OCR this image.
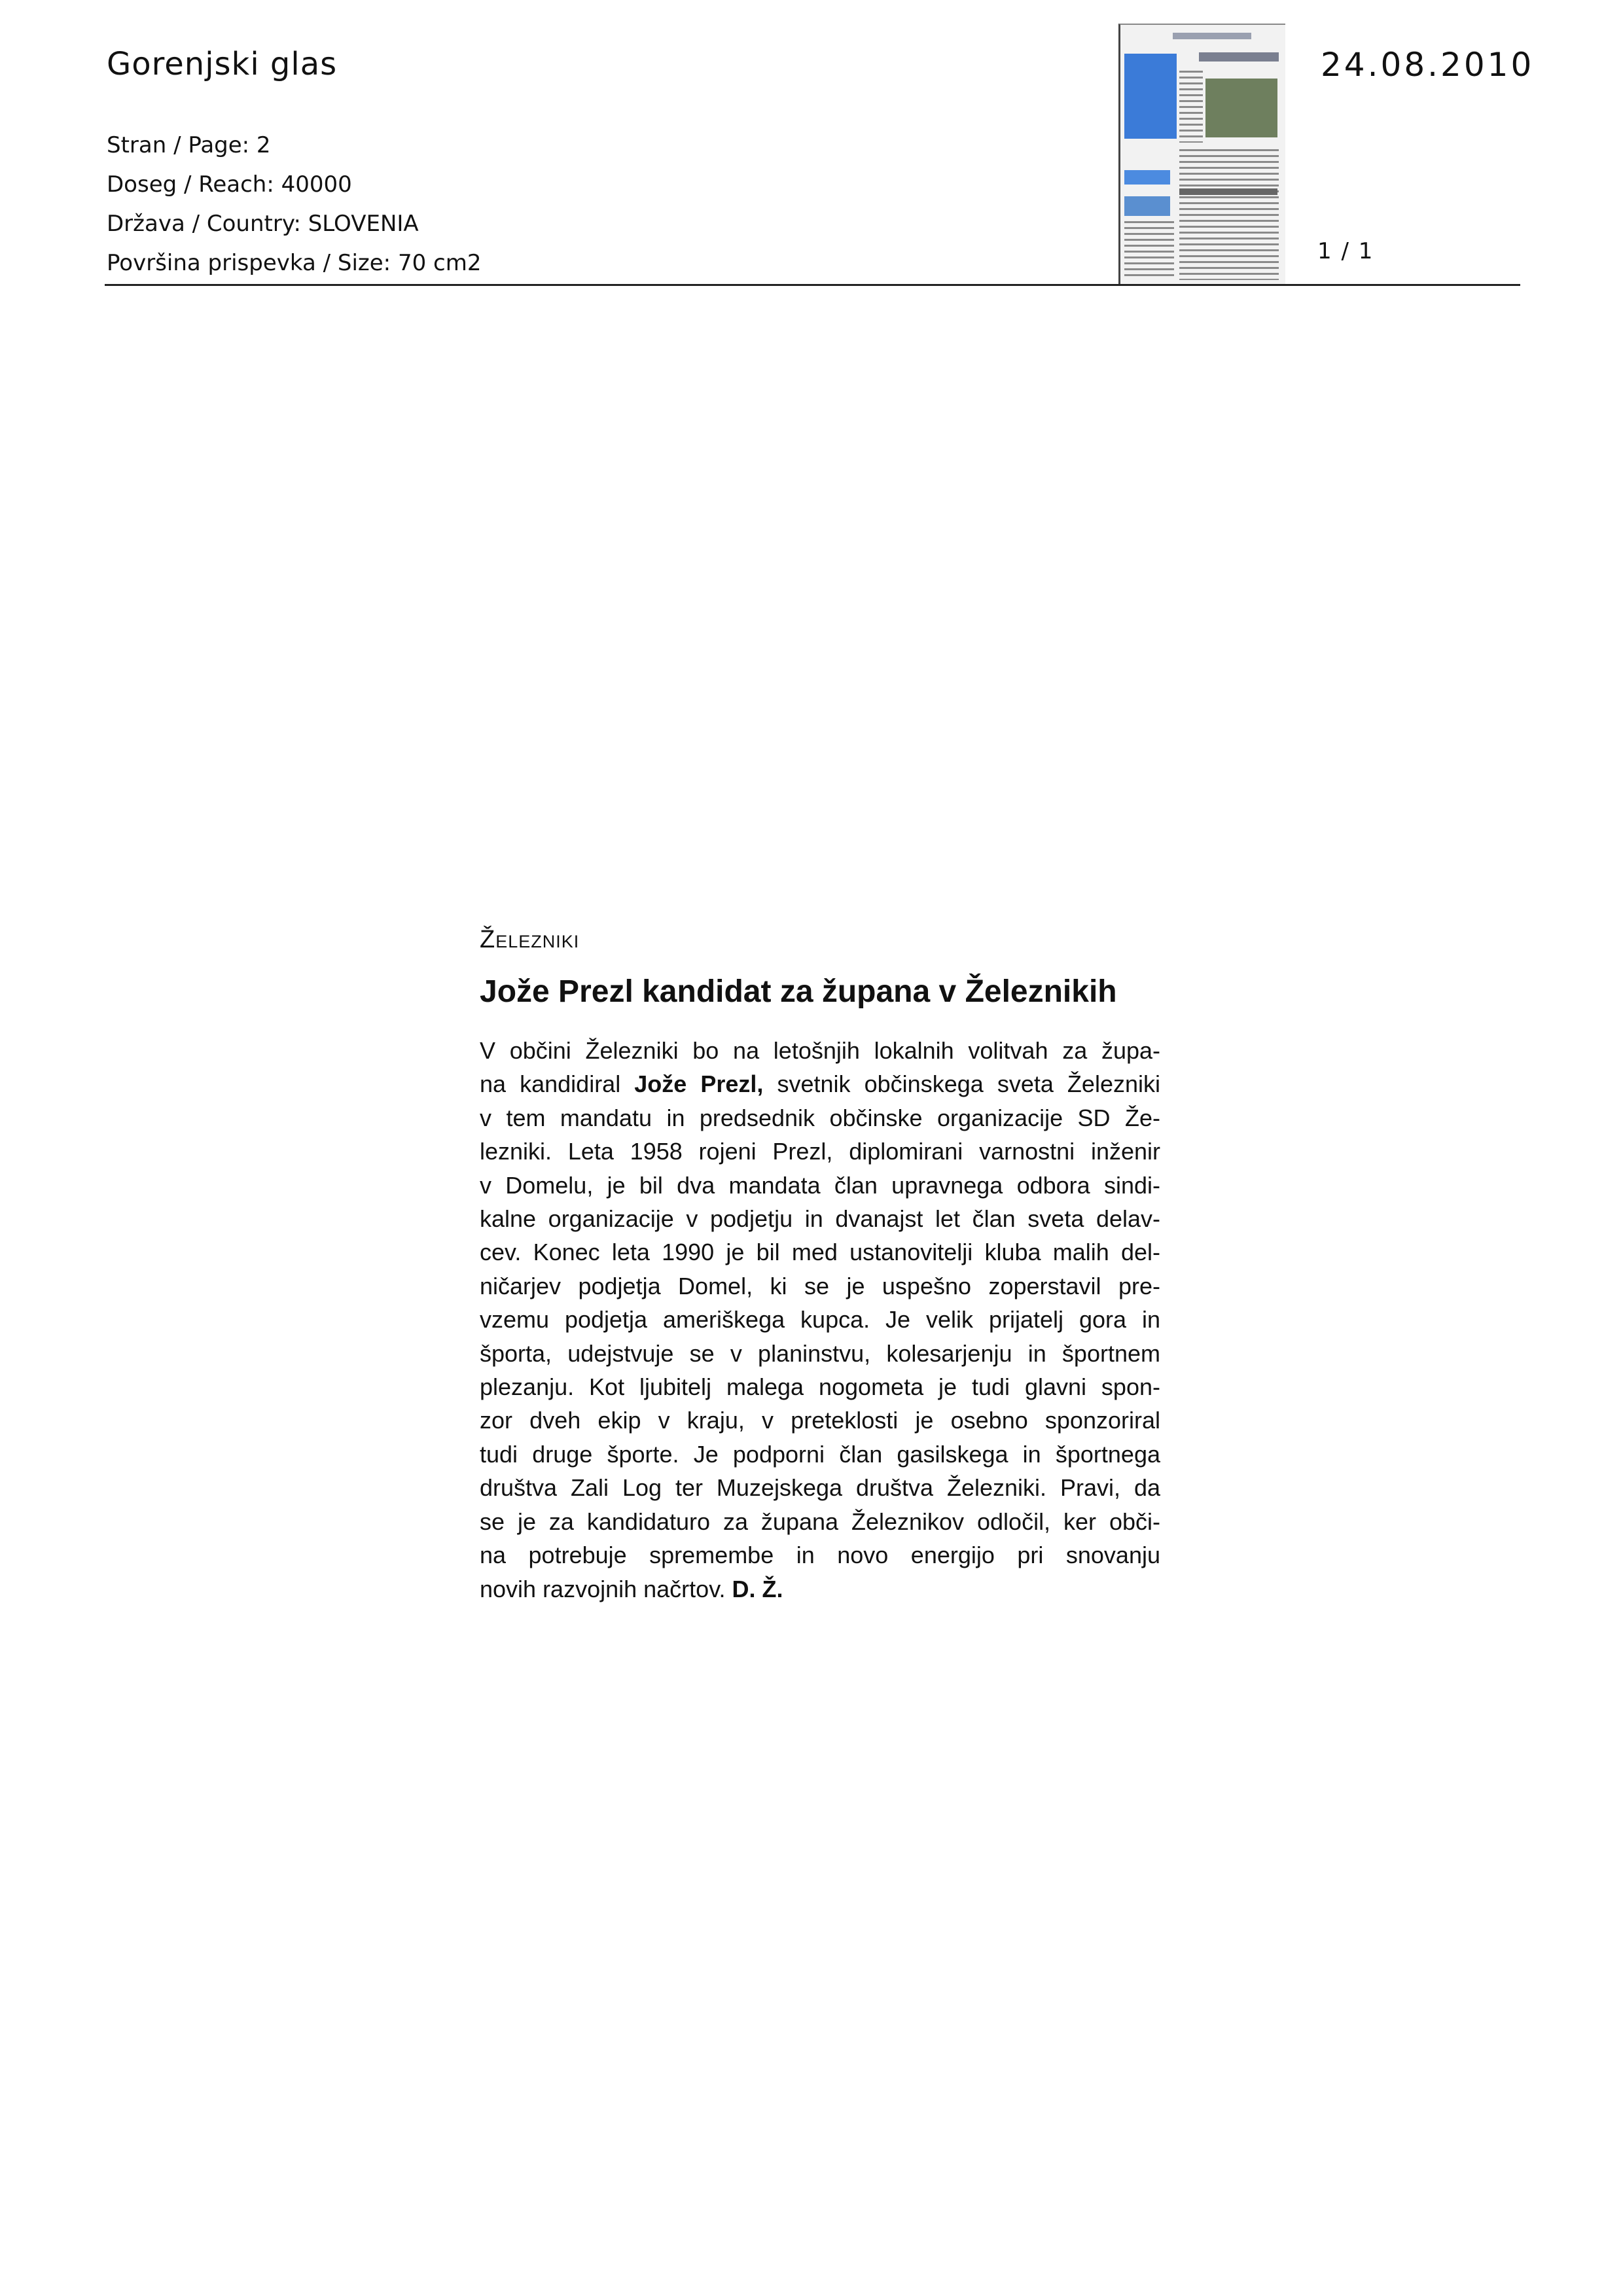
Gorenjski glas	24.08.2010
Stran / Page: 2
Doseg / Reach: 40000
Država / Country: SLOVENIA
Površina prispevka / Size: 70 cm2	1 / 1
Železniki
Jože Prezl kandidat za župana v Železnikih

V občini Železniki bo na letošnjih lokalnih volitvah za župa-
na kandidiral Jože Prezl, svetnik občinskega sveta Železniki
v tem mandatu in predsednik občinske organizacije SD Že-
lezniki. Leta 1958 rojeni Prezl, diplomirani varnostni inženir
v Domelu, je bil dva mandata član upravnega odbora sindi-
kalne organizacije v podjetju in dvanajst let član sveta delav-
cev. Konec leta 1990 je bil med ustanovitelji kluba malih del-
ničarjev podjetja Domel, ki se je uspešno zoperstavil pre-
vzemu podjetja ameriškega kupca. Je velik prijatelj gora in
športa, udejstvuje se v planinstvu, kolesarjenju in športnem
plezanju. Kot ljubitelj malega nogometa je tudi glavni spon-
zor dveh ekip v kraju, v preteklosti je osebno sponzoriral
tudi druge športe. Je podporni član gasilskega in športnega
društva Zali Log ter Muzejskega društva Železniki. Pravi, da
se je za kandidaturo za župana Železnikov odločil, ker obči-
na potrebuje spremembe in novo energijo pri snovanju
novih razvojnih načrtov. D. Ž.
